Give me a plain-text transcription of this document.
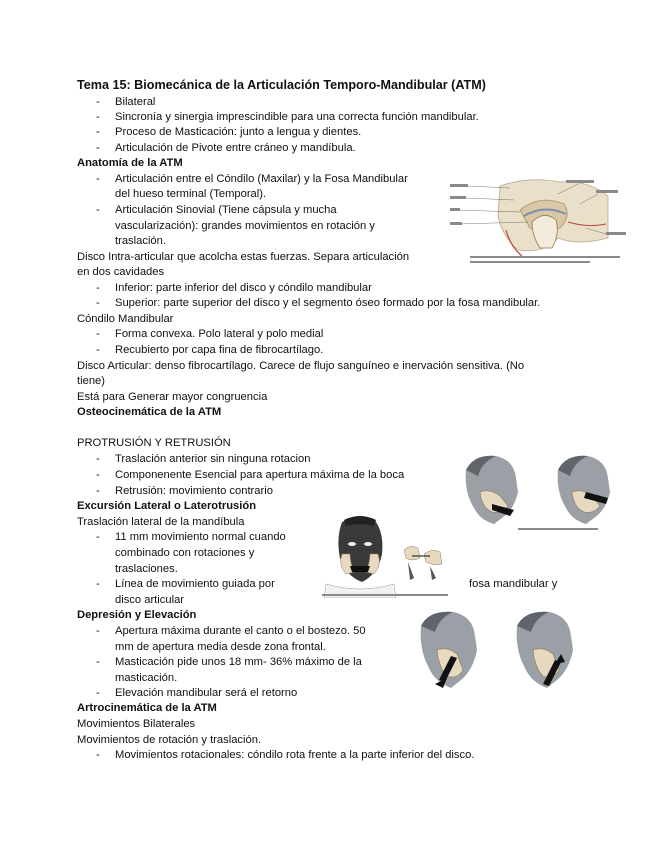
Tema 15: Biomecánica de la Articulación Temporo-Mandibular (ATM)
- Bilateral
- Sincronía y sinergia imprescindible para una correcta función mandibular.
- Proceso de Masticación: junto a lengua y dientes.
- Articulación de Pivote entre cráneo y mandíbula.
Anatomía de la ATM
- Articulación entre el Cóndilo (Maxilar) y la Fosa Mandibular
del hueso terminal (Temporal).
- Articulación Sinovial (Tiene cápsula y mucha
vascularización): grandes movimientos en rotación y
traslación.
Disco Intra-articular que acolcha estas fuerzas. Separa articulación
en dos cavidades
- Inferior: parte inferior del disco y cóndilo mandibular
- Superior: parte superior del disco y el segmento óseo formado por la fosa mandibular.
Cóndilo Mandibular
- Forma convexa. Polo lateral y polo medial
- Recubierto por capa fina de fibrocartílago.
Disco Articular: denso fibrocartílago. Carece de flujo sanguíneo e inervación sensitiva. (No
tiene)
Está para Generar mayor congruencia
Osteocinemática de la ATM
PROTRUSIÓN Y RETRUSIÓN
- Traslación anterior sin ninguna rotacion
- Componenente Esencial para apertura máxima de la boca
- Retrusión: movimiento contrario
Excursión Lateral o Laterotrusión
Traslación lateral de la mandíbula
- 11 mm movimiento normal cuando
combinado con rotaciones y
traslaciones.
- Línea de movimiento guiada por	fosa mandibular y
disco articular
Depresión y Elevación
- Apertura máxima durante el canto o el bostezo. 50
mm de apertura media desde zona frontal.
- Masticación pide unos 18 mm- 36% máximo de la
masticación.
- Elevación mandibular será el retorno
Artrocinemática de la ATM
Movimientos Bilaterales
Movimientos de rotación y traslación.
- Movimientos rotacionales: cóndilo rota frente a la parte inferior del disco.
